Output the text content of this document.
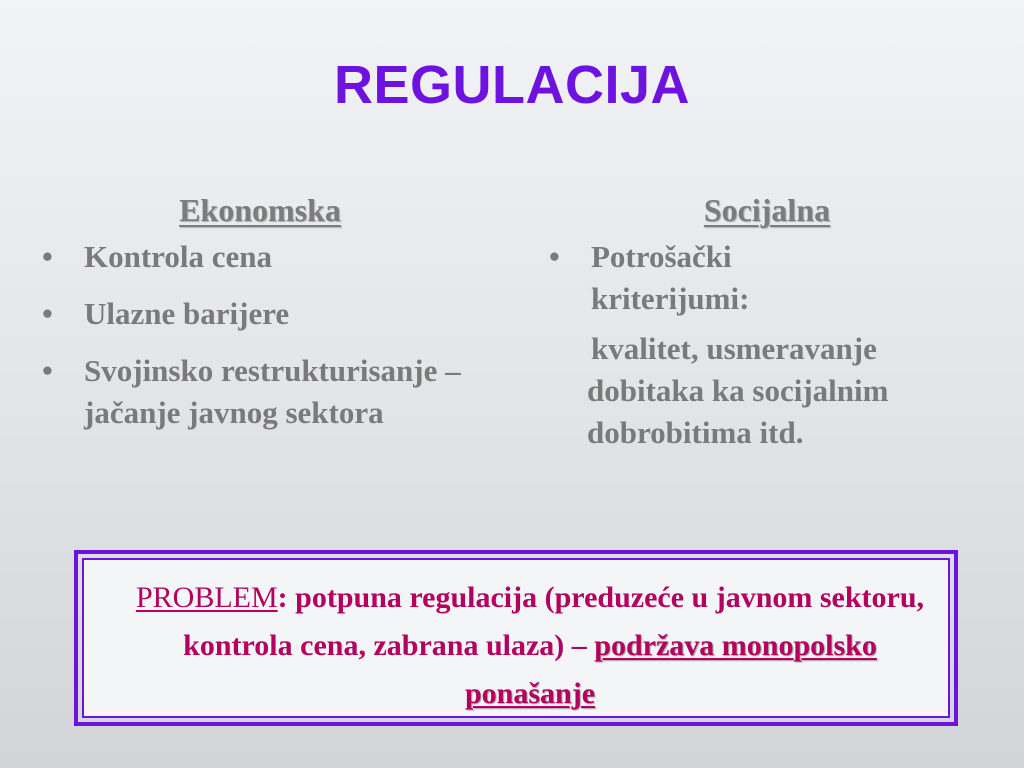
REGULACIJA
Ekonomska
• Kontrola cena
• Ulazne barijere
• Svojinsko restrukturisanje – jačanje javnog sektora
Socijalna
• Potrošački kriterijumi:
kvalitet, usmeravanje dobitaka ka socijalnim dobrobitima itd.
PROBLEM: potpuna regulacija (preduzeće u javnom sektoru, kontrola cena, zabrana ulaza) – podržava monopolsko ponašanje
